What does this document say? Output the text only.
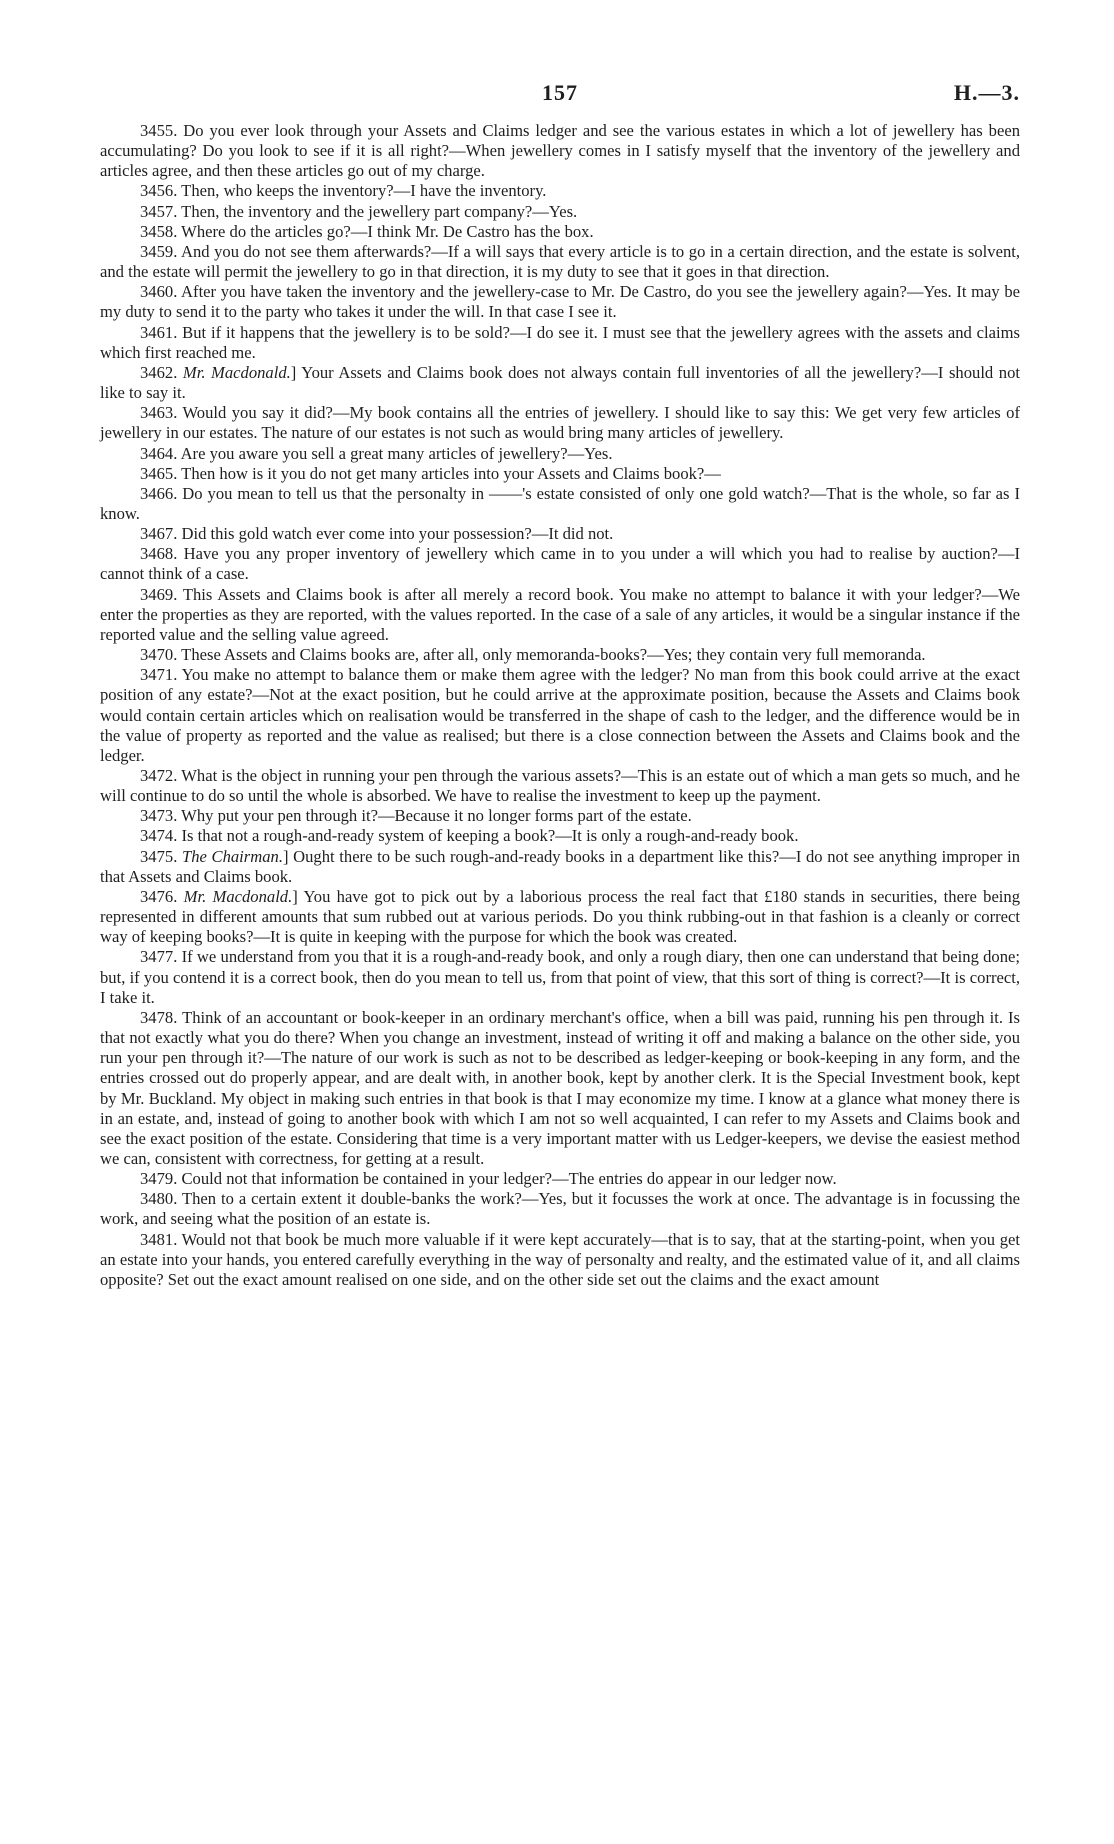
157	H.—3.

3455. Do you ever look through your Assets and Claims ledger and see the various estates in which a lot of jewellery has been accumulating? Do you look to see if it is all right?—When jewellery comes in I satisfy myself that the inventory of the jewellery and articles agree, and then these articles go out of my charge.

3456. Then, who keeps the inventory?—I have the inventory.

3457. Then, the inventory and the jewellery part company?—Yes.

3458. Where do the articles go?—I think Mr. De Castro has the box.

3459. And you do not see them afterwards?—If a will says that every article is to go in a certain direction, and the estate is solvent, and the estate will permit the jewellery to go in that direction, it is my duty to see that it goes in that direction.

3460. After you have taken the inventory and the jewellery-case to Mr. De Castro, do you see the jewellery again?—Yes. It may be my duty to send it to the party who takes it under the will. In that case I see it.

3461. But if it happens that the jewellery is to be sold?—I do see it. I must see that the jewellery agrees with the assets and claims which first reached me.

3462. Mr. Macdonald.] Your Assets and Claims book does not always contain full inventories of all the jewellery?—I should not like to say it.

3463. Would you say it did?—My book contains all the entries of jewellery. I should like to say this: We get very few articles of jewellery in our estates. The nature of our estates is not such as would bring many articles of jewellery.

3464. Are you aware you sell a great many articles of jewellery?—Yes.

3465. Then how is it you do not get many articles into your Assets and Claims book?—

3466. Do you mean to tell us that the personalty in ——'s estate consisted of only one gold watch?—That is the whole, so far as I know.

3467. Did this gold watch ever come into your possession?—It did not.

3468. Have you any proper inventory of jewellery which came in to you under a will which you had to realise by auction?—I cannot think of a case.

3469. This Assets and Claims book is after all merely a record book. You make no attempt to balance it with your ledger?—We enter the properties as they are reported, with the values reported. In the case of a sale of any articles, it would be a singular instance if the reported value and the selling value agreed.

3470. These Assets and Claims books are, after all, only memoranda-books?—Yes; they contain very full memoranda.

3471. You make no attempt to balance them or make them agree with the ledger? No man from this book could arrive at the exact position of any estate?—Not at the exact position, but he could arrive at the approximate position, because the Assets and Claims book would contain certain articles which on realisation would be transferred in the shape of cash to the ledger, and the difference would be in the value of property as reported and the value as realised; but there is a close connection between the Assets and Claims book and the ledger.

3472. What is the object in running your pen through the various assets?—This is an estate out of which a man gets so much, and he will continue to do so until the whole is absorbed. We have to realise the investment to keep up the payment.

3473. Why put your pen through it?—Because it no longer forms part of the estate.

3474. Is that not a rough-and-ready system of keeping a book?—It is only a rough-and-ready book.

3475. The Chairman.] Ought there to be such rough-and-ready books in a department like this?—I do not see anything improper in that Assets and Claims book.

3476. Mr. Macdonald.] You have got to pick out by a laborious process the real fact that £180 stands in securities, there being represented in different amounts that sum rubbed out at various periods. Do you think rubbing-out in that fashion is a cleanly or correct way of keeping books?—It is quite in keeping with the purpose for which the book was created.

3477. If we understand from you that it is a rough-and-ready book, and only a rough diary, then one can understand that being done; but, if you contend it is a correct book, then do you mean to tell us, from that point of view, that this sort of thing is correct?—It is correct, I take it.

3478. Think of an accountant or book-keeper in an ordinary merchant's office, when a bill was paid, running his pen through it. Is that not exactly what you do there? When you change an investment, instead of writing it off and making a balance on the other side, you run your pen through it?—The nature of our work is such as not to be described as ledger-keeping or book-keeping in any form, and the entries crossed out do properly appear, and are dealt with, in another book, kept by another clerk. It is the Special Investment book, kept by Mr. Buckland. My object in making such entries in that book is that I may economize my time. I know at a glance what money there is in an estate, and, instead of going to another book with which I am not so well acquainted, I can refer to my Assets and Claims book and see the exact position of the estate. Considering that time is a very important matter with us Ledger-keepers, we devise the easiest method we can, consistent with correctness, for getting at a result.

3479. Could not that information be contained in your ledger?—The entries do appear in our ledger now.

3480. Then to a certain extent it double-banks the work?—Yes, but it focusses the work at once. The advantage is in focussing the work, and seeing what the position of an estate is.

3481. Would not that book be much more valuable if it were kept accurately—that is to say, that at the starting-point, when you get an estate into your hands, you entered carefully everything in the way of personalty and realty, and the estimated value of it, and all claims opposite? Set out the exact amount realised on one side, and on the other side set out the claims and the exact amount
